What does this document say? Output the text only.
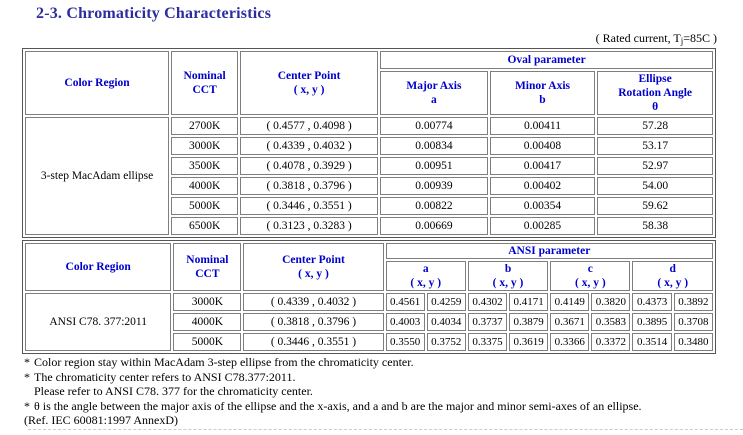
2-3. Chromaticity Characteristics
( Rated current, Tj=85C )
Color Region	
Nominal
CCT

Center Point
( x, y )
	Oval parameter

Major Axis
a

Minor Axis
b

Ellipse
Rotation Angle
θ

3-step MacAdam ellipse	2700K	( 0.4577 , 0.4098 )	0.00774	0.00411	57.28
	3000K	( 0.4339 , 0.4032 )	0.00834	0.00408	53.17
	3500K	( 0.4078 , 0.3929 )	0.00951	0.00417	52.97
	4000K	( 0.3818 , 0.3796 )	0.00939	0.00402	54.00
	5000K	( 0.3446 , 0.3551 )	0.00822	0.00354	59.62
	6500K	( 0.3123 , 0.3283 )	0.00669	0.00285	58.38
Color Region	
Nominal
CCT

Center Point
( x, y )
	ANSI parameter

a
( x, y )

b
( x, y )

c
( x, y )

d
( x, y )

ANSI C78. 377:2011	3000K	( 0.4339 , 0.4032 )	0.4561	0.4259	0.4302	0.4171	0.4149	0.3820	0.4373	0.3892
	4000K	( 0.3818 , 0.3796 )	0.4003	0.4034	0.3737	0.3879	0.3671	0.3583	0.3895	0.3708
	5000K	( 0.3446 , 0.3551 )	0.3550	0.3752	0.3375	0.3619	0.3366	0.3372	0.3514	0.3480
* Color region stay within MacAdam 3-step ellipse from the chromaticity center.
* The chromaticity center refers to ANSI C78.377:2011.
Please refer to ANSI C78. 377 for the chromaticity center.
* θ is the angle between the major axis of the ellipse and the x-axis, and a and b are the major and minor semi-axes of an ellipse.
(Ref. IEC 60081:1997 AnnexD)
